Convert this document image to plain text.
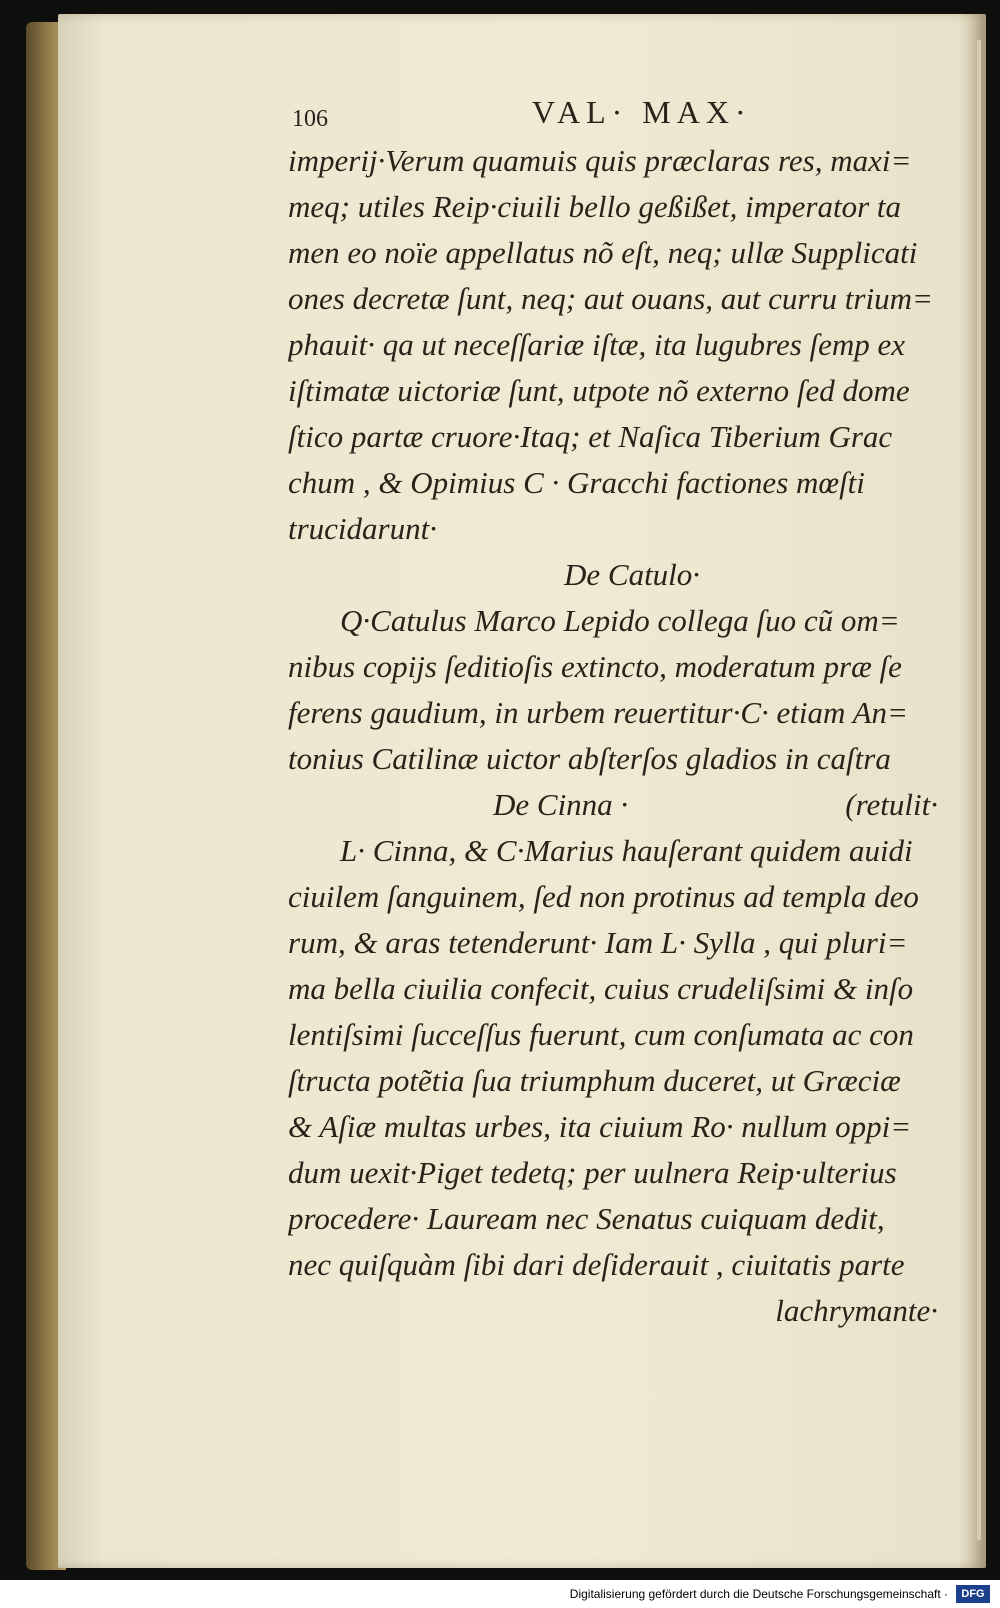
106	VAL· MAX·
imperij·Verum quamuis quis præclaras res, maxi=
meq; utiles Reip·ciuili bello geßißet, imperator ta
men eo noïe appellatus nõ eſt, neq; ullæ Supplicati
ones decretæ ſunt, neq; aut ouans, aut curru trium=
phauit· qa ut neceſſariæ iſtæ, ita lugubres ſemp ex
iſtimatæ uictoriæ ſunt, utpote nõ externo ſed dome
ſtico partæ cruore·Itaq; et Naſica Tiberium Grac
chum , & Opimius C · Gracchi factiones mœſti
trucidarunt·
De Catulo·
Q·Catulus Marco Lepido collega ſuo cũ om=
nibus copijs ſeditioſis extincto, moderatum præ ſe
ferens gaudium, in urbem reuertitur·C· etiam An=
tonius Catilinæ uictor abſterſos gladios in caſtra
De Cinna ·	(retulit·
L· Cinna, & C·Marius hauſerant quidem auidi
ciuilem ſanguinem, ſed non protinus ad templa deo
rum, & aras tetenderunt· Iam L· Sylla , qui pluri=
ma bella ciuilia confecit, cuius crudeliſsimi & inſo
lentiſsimi ſucceſſus fuerunt, cum conſumata ac con
ſtructa potẽtia ſua triumphum duceret, ut Græciæ
& Aſiæ multas urbes, ita ciuium Ro· nullum oppi=
dum uexit·Piget tedetq; per uulnera Reip·ulterius
procedere· Lauream nec Senatus cuiquam dedit,
nec quiſquàm ſibi dari deſiderauit , ciuitatis parte
lachrymante·
Digitalisierung gefördert durch die Deutsche Forschungsgemeinschaft ·	DFG
